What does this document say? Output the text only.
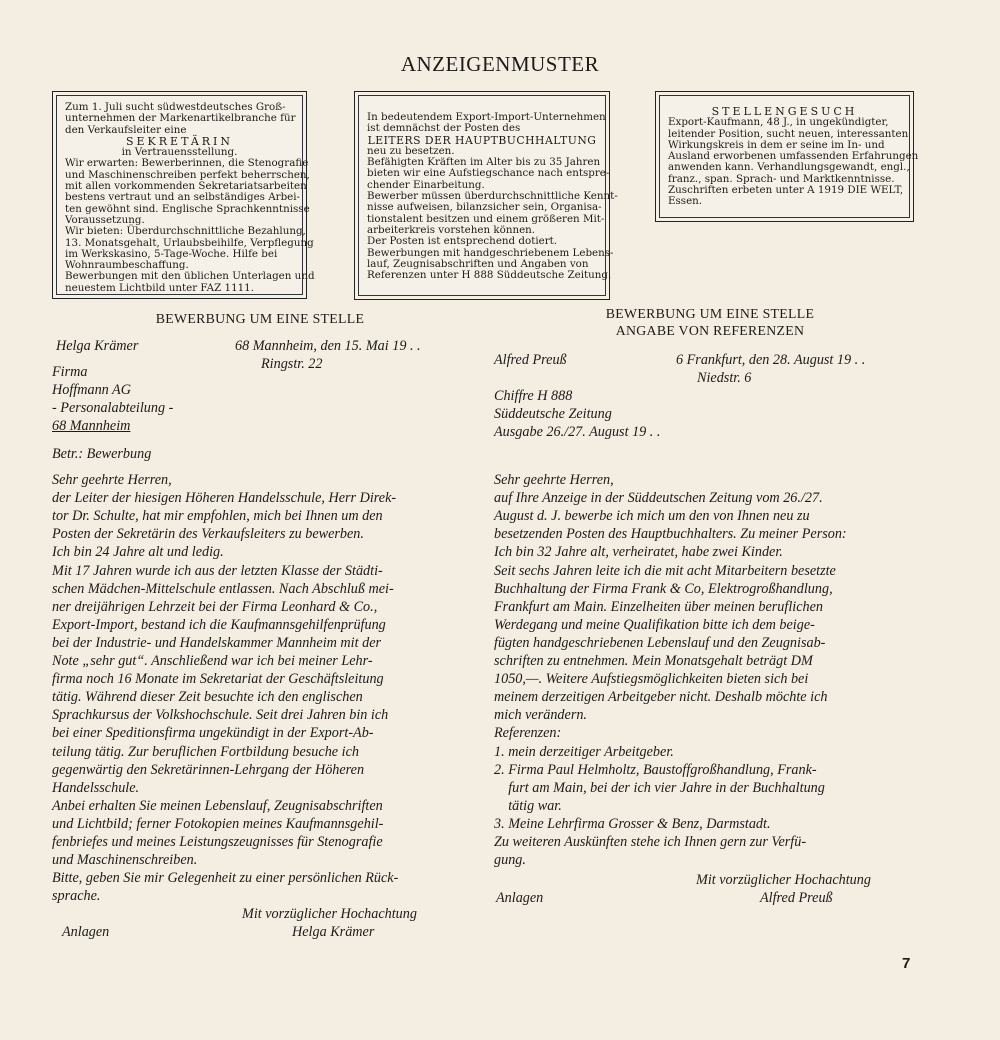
ANZEIGENMUSTER
Zum 1. Juli sucht südwestdeutsches Groß-
unternehmen der Markenartikelbranche für
den Verkaufsleiter eine
SEKRETÄRIN
in Vertrauensstellung.
Wir erwarten: Bewerberinnen, die Stenografie
und Maschinenschreiben perfekt beherrschen,
mit allen vorkommenden Sekretariatsarbeiten
bestens vertraut und an selbständiges Arbei-
ten gewöhnt sind. Englische Sprachkenntnisse
Voraussetzung.
Wir bieten: Überdurchschnittliche Bezahlung,
13. Monatsgehalt, Urlaubsbeihilfe, Verpflegung
im Werkskasino, 5-Tage-Woche. Hilfe bei
Wohnraumbeschaffung.
Bewerbungen mit den üblichen Unterlagen und
neuestem Lichtbild unter FAZ 1111.
In bedeutendem Export-Import-Unternehmen
ist demnächst der Posten des
LEITERS DER HAUPTBUCHHALTUNG
neu zu besetzen.
Befähigten Kräften im Alter bis zu 35 Jahren
bieten wir eine Aufstiegschance nach entspre-
chender Einarbeitung.
Bewerber müssen überdurchschnittliche Kennt-
nisse aufweisen, bilanzsicher sein, Organisa-
tionstalent besitzen und einem größeren Mit-
arbeiterkreis vorstehen können.
Der Posten ist entsprechend dotiert.
Bewerbungen mit handgeschriebenem Lebens-
lauf, Zeugnisabschriften und Angaben von
Referenzen unter H 888 Süddeutsche Zeitung.
STELLENGESUCH
Export-Kaufmann, 48 J., in ungekündigter,
leitender Position, sucht neuen, interessanten
Wirkungskreis in dem er seine im In- und
Ausland erworbenen umfassenden Erfahrungen
anwenden kann. Verhandlungsgewandt, engl.,
franz., span. Sprach- und Marktkenntnisse.
Zuschriften erbeten unter A 1919 DIE WELT,
Essen.
BEWERBUNG UM EINE STELLE
Helga Krämer	68 Mannheim, den 15. Mai 19 . .
Ringstr. 22
Firma
Hoffmann AG
- Personalabteilung -
68 Mannheim
Betr.: Bewerbung
Sehr geehrte Herren,
der Leiter der hiesigen Höheren Handelsschule, Herr Direk-
tor Dr. Schulte, hat mir empfohlen, mich bei Ihnen um den
Posten der Sekretärin des Verkaufsleiters zu bewerben.
Ich bin 24 Jahre alt und ledig.
Mit 17 Jahren wurde ich aus der letzten Klasse der Städti-
schen Mädchen-Mittelschule entlassen. Nach Abschluß mei-
ner dreijährigen Lehrzeit bei der Firma Leonhard & Co.,
Export-Import, bestand ich die Kaufmannsgehilfenprüfung
bei der Industrie- und Handelskammer Mannheim mit der
Note „sehr gut“. Anschließend war ich bei meiner Lehr-
firma noch 16 Monate im Sekretariat der Geschäftsleitung
tätig. Während dieser Zeit besuchte ich den englischen
Sprachkursus der Volkshochschule. Seit drei Jahren bin ich
bei einer Speditionsfirma ungekündigt in der Export-Ab-
teilung tätig. Zur beruflichen Fortbildung besuche ich
gegenwärtig den Sekretärinnen-Lehrgang der Höheren
Handelsschule.
Anbei erhalten Sie meinen Lebenslauf, Zeugnisabschriften
und Lichtbild; ferner Fotokopien meines Kaufmannsgehil-
fenbriefes und meines Leistungszeugnisses für Stenografie
und Maschinenschreiben.
Bitte, geben Sie mir Gelegenheit zu einer persönlichen Rück-
sprache.
Mit vorzüglicher Hochachtung
Anlagen	Helga Krämer
BEWERBUNG UM EINE STELLE
ANGABE VON REFERENZEN
Alfred Preuß	6 Frankfurt, den 28. August 19 . .
Niedstr. 6
Chiffre H 888
Süddeutsche Zeitung
Ausgabe 26./27. August 19 . .
Sehr geehrte Herren,
auf Ihre Anzeige in der Süddeutschen Zeitung vom 26./27.
August d. J. bewerbe ich mich um den von Ihnen neu zu
besetzenden Posten des Hauptbuchhalters. Zu meiner Person:
Ich bin 32 Jahre alt, verheiratet, habe zwei Kinder.
Seit sechs Jahren leite ich die mit acht Mitarbeitern besetzte
Buchhaltung der Firma Frank & Co, Elektrogroßhandlung,
Frankfurt am Main. Einzelheiten über meinen beruflichen
Werdegang und meine Qualifikation bitte ich dem beige-
fügten handgeschriebenen Lebenslauf und den Zeugnisab-
schriften zu entnehmen. Mein Monatsgehalt beträgt DM
1050,—. Weitere Aufstiegsmöglichkeiten bieten sich bei
meinem derzeitigen Arbeitgeber nicht. Deshalb möchte ich
mich verändern.
Referenzen:
1. mein derzeitiger Arbeitgeber.
2. Firma Paul Helmholtz, Baustoffgroßhandlung, Frank-
furt am Main, bei der ich vier Jahre in der Buchhaltung
tätig war.
3. Meine Lehrfirma Grosser & Benz, Darmstadt.
Zu weiteren Auskünften stehe ich Ihnen gern zur Verfü-
gung.
Mit vorzüglicher Hochachtung
Anlagen	Alfred Preuß
7
